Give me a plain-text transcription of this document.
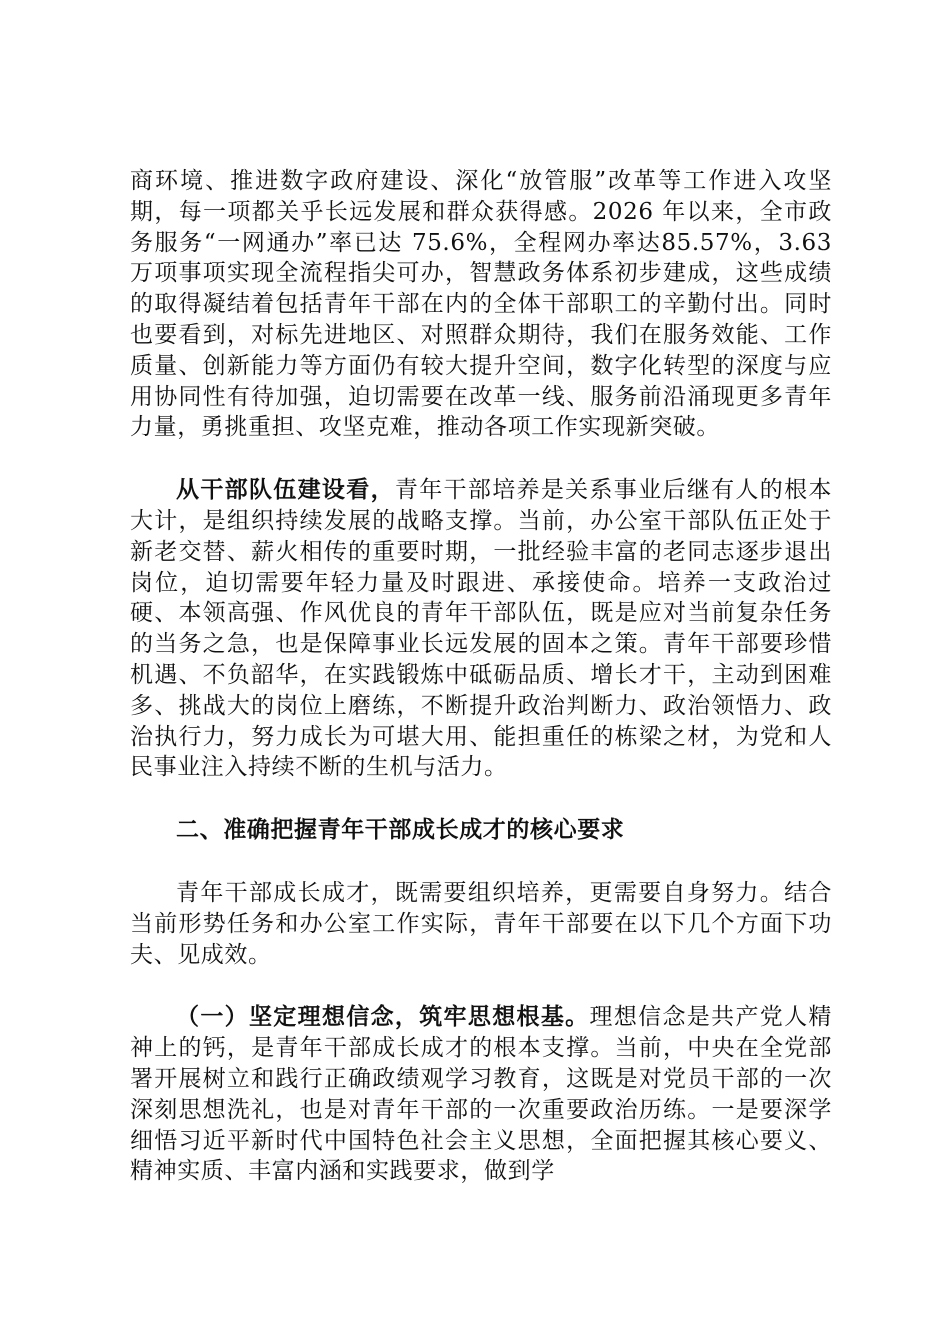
商环境、推进数字政府建设、深化“放管服”改革等工作进入攻坚期，每一项都关乎长远发展和群众获得感。2026 年以来，全市政务服务“一网通办”率已达 75.6%，全程网办率达85.57%，3.63 万项事项实现全流程指尖可办，智慧政务体系初步建成，这些成绩的取得凝结着包括青年干部在内的全体干部职工的辛勤付出。同时也要看到，对标先进地区、对照群众期待，我们在服务效能、工作质量、创新能力等方面仍有较大提升空间，数字化转型的深度与应用协同性有待加强，迫切需要在改革一线、服务前沿涌现更多青年力量，勇挑重担、攻坚克难，推动各项工作实现新突破。

从干部队伍建设看，青年干部培养是关系事业后继有人的根本大计，是组织持续发展的战略支撑。当前，办公室干部队伍正处于新老交替、薪火相传的重要时期，一批经验丰富的老同志逐步退出岗位，迫切需要年轻力量及时跟进、承接使命。培养一支政治过硬、本领高强、作风优良的青年干部队伍，既是应对当前复杂任务的当务之急，也是保障事业长远发展的固本之策。青年干部要珍惜机遇、不负韶华，在实践锻炼中砥砺品质、增长才干，主动到困难多、挑战大的岗位上磨练，不断提升政治判断力、政治领悟力、政治执行力，努力成长为可堪大用、能担重任的栋梁之材，为党和人民事业注入持续不断的生机与活力。

二、准确把握青年干部成长成才的核心要求

青年干部成长成才，既需要组织培养，更需要自身努力。结合当前形势任务和办公室工作实际，青年干部要在以下几个方面下功夫、见成效。

（一）坚定理想信念，筑牢思想根基。理想信念是共产党人精神上的钙，是青年干部成长成才的根本支撑。当前，中央在全党部署开展树立和践行正确政绩观学习教育，这既是对党员干部的一次深刻思想洗礼，也是对青年干部的一次重要政治历练。一是要深学细悟习近平新时代中国特色社会主义思想，全面把握其核心要义、精神实质、丰富内涵和实践要求，做到学
